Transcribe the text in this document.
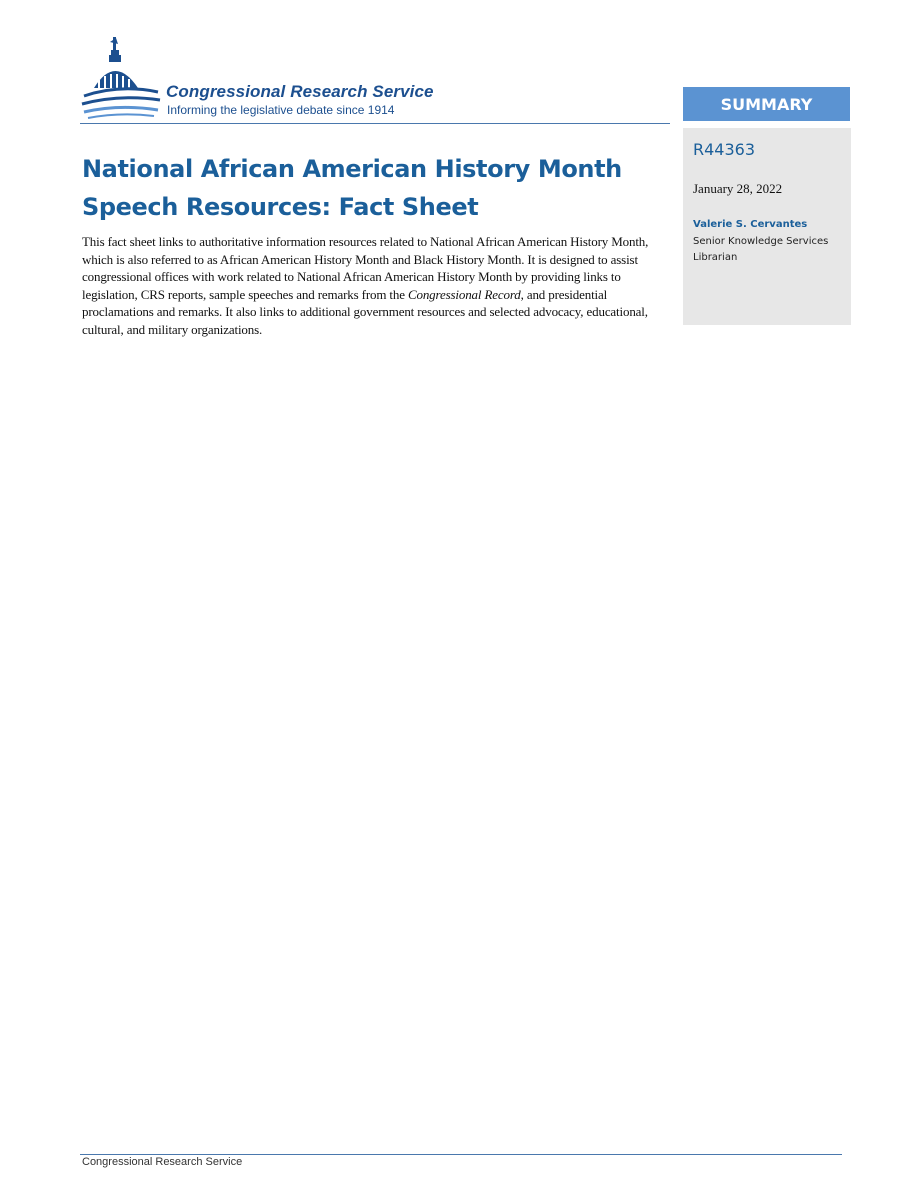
Congressional Research Service
Informing the legislative debate since 1914
National African American History Month Speech Resources: Fact Sheet

This fact sheet links to authoritative information resources related to National African American History Month, which is also referred to as African American History Month and Black History Month. It is designed to assist congressional offices with work related to National African American History Month by providing links to legislation, CRS reports, sample speeches and remarks from the Congressional Record, and presidential proclamations and remarks. It also links to additional government resources and selected advocacy, educational, cultural, and military organizations.

SUMMARY
R44363
January 28, 2022
Valerie S. Cervantes
Senior Knowledge Services Librarian
Congressional Research Service
